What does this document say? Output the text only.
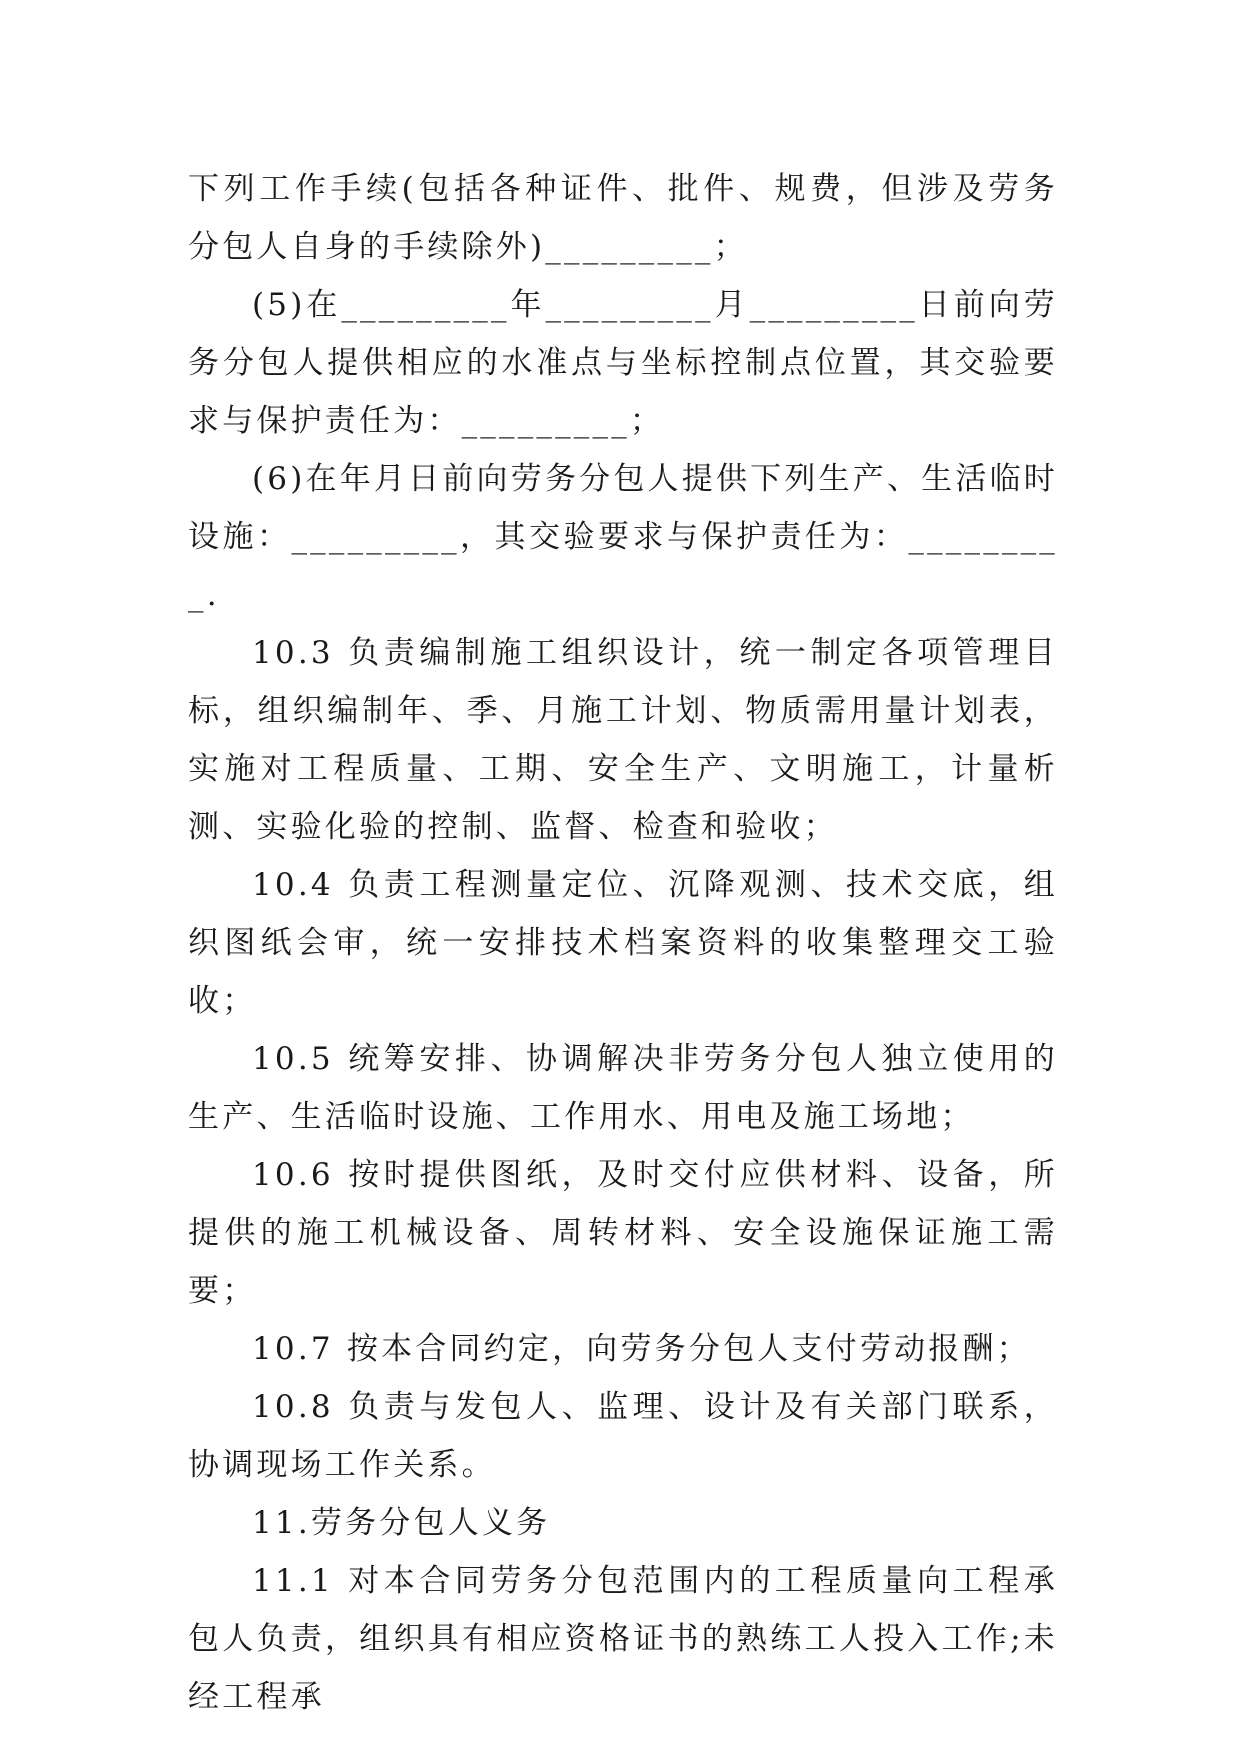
下列工作手续(包括各种证件、批件、规费，但涉及劳务分包人自身的手续除外)_________；

(5)在_________年_________月_________日前向劳务分包人提供相应的水准点与坐标控制点位置，其交验要求与保护责任为：_________；

(6)在年月日前向劳务分包人提供下列生产、生活临时设施：_________，其交验要求与保护责任为：_________.

10.3 负责编制施工组织设计，统一制定各项管理目标，组织编制年、季、月施工计划、物质需用量计划表，实施对工程质量、工期、安全生产、文明施工，计量析测、实验化验的控制、监督、检查和验收；

10.4 负责工程测量定位、沉降观测、技术交底，组织图纸会审，统一安排技术档案资料的收集整理交工验收；

10.5 统筹安排、协调解决非劳务分包人独立使用的生产、生活临时设施、工作用水、用电及施工场地；

10.6 按时提供图纸，及时交付应供材料、设备，所提供的施工机械设备、周转材料、安全设施保证施工需要；

10.7 按本合同约定，向劳务分包人支付劳动报酬；

10.8 负责与发包人、监理、设计及有关部门联系，协调现场工作关系。

11.劳务分包人义务

11.1 对本合同劳务分包范围内的工程质量向工程承包人负责，组织具有相应资格证书的熟练工人投入工作;未经工程承
